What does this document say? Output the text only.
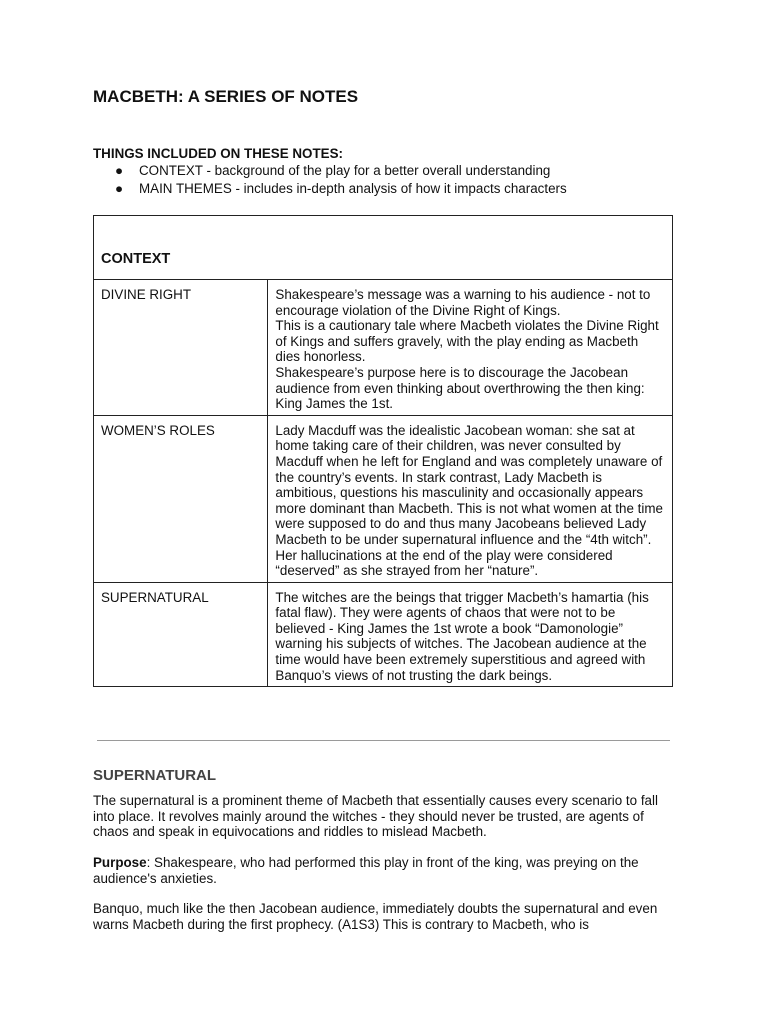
MACBETH: A SERIES OF NOTES
THINGS INCLUDED ON THESE NOTES:
● CONTEXT - background of the play for a better overall understanding
● MAIN THEMES - includes in-depth analysis of how it impacts characters
CONTEXT	
DIVINE RIGHT	Shakespeare’s message was a warning to his audience - not to encourage violation of the Divine Right of Kings.
This is a cautionary tale where Macbeth violates the Divine Right of Kings and suffers gravely, with the play ending as Macbeth dies honorless.
Shakespeare’s purpose here is to discourage the Jacobean audience from even thinking about overthrowing the then king: King James the 1st.
WOMEN’S ROLES	Lady Macduff was the idealistic Jacobean woman: she sat at home taking care of their children, was never consulted by Macduff when he left for England and was completely unaware of the country’s events. In stark contrast, Lady Macbeth is ambitious, questions his masculinity and occasionally appears more dominant than Macbeth. This is not what women at the time were supposed to do and thus many Jacobeans believed Lady Macbeth to be under supernatural influence and the “4th witch”. Her hallucinations at the end of the play were considered “deserved” as she strayed from her “nature”.
SUPERNATURAL	The witches are the beings that trigger Macbeth’s hamartia (his fatal flaw). They were agents of chaos that were not to be believed - King James the 1st wrote a book “Damonologie” warning his subjects of witches. The Jacobean audience at the time would have been extremely superstitious and agreed with Banquo’s views of not trusting the dark beings.
SUPERNATURAL

The supernatural is a prominent theme of Macbeth that essentially causes every scenario to fall into place. It revolves mainly around the witches - they should never be trusted, are agents of chaos and speak in equivocations and riddles to mislead Macbeth.

Purpose: Shakespeare, who had performed this play in front of the king, was preying on the audience's anxieties.

Banquo, much like the then Jacobean audience, immediately doubts the supernatural and even warns Macbeth during the first prophecy. (A1S3) This is contrary to Macbeth, who is
